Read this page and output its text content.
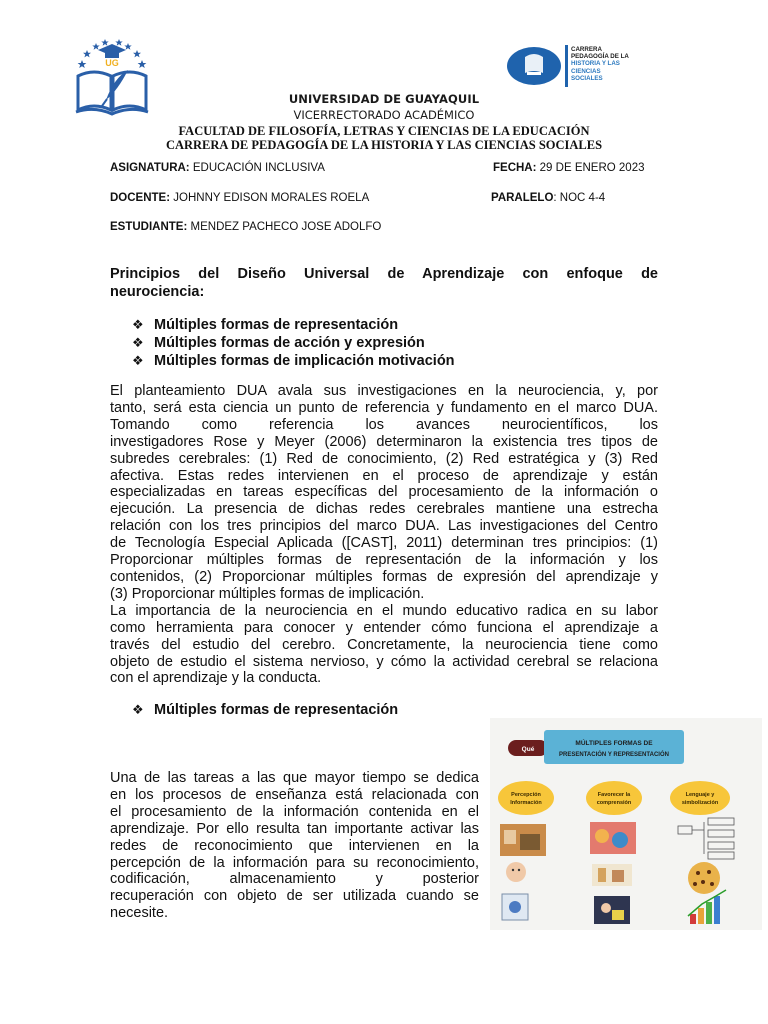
UG
CARRERA
PEDAGOGÍA DE LA
HISTORIA Y LAS CIENCIAS
SOCIALES
UNIVERSIDAD DE GUAYAQUIL
VICERRECTORADO ACADÉMICO
FACULTAD DE FILOSOFÍA, LETRAS Y CIENCIAS DE LA EDUCACIÓN
CARRERA DE PEDAGOGÍA DE LA HISTORIA Y LAS CIENCIAS SOCIALES
ASIGNATURA: EDUCACIÓN INCLUSIVA	FECHA: 29 DE ENERO 2023
DOCENTE: JOHNNY EDISON MORALES ROELA	PARALELO: NOC 4-4
ESTUDIANTE: MENDEZ PACHECO JOSE ADOLFO
Principios del Diseño Universal de Aprendizaje con enfoque de
neurociencia:
❖ Múltiples formas de representación
❖ Múltiples formas de acción y expresión
❖ Múltiples formas de implicación motivación
El planteamiento DUA avala sus investigaciones en la neurociencia, y, por
tanto, será esta ciencia un punto de referencia y fundamento en el marco DUA.
Tomando como referencia los avances neurocientíficos, los
investigadores Rose y Meyer (2006) determinaron la existencia tres tipos de
subredes cerebrales: (1) Red de conocimiento, (2) Red estratégica y (3) Red
afectiva. Estas redes intervienen en el proceso de aprendizaje y están
especializadas en tareas específicas del procesamiento de la información o
ejecución. La presencia de dichas redes cerebrales mantiene una estrecha
relación con los tres principios del marco DUA. Las investigaciones del Centro
de Tecnología Especial Aplicada ([CAST], 2011) determinan tres principios: (1)
Proporcionar múltiples formas de representación de la información y los
contenidos, (2) Proporcionar múltiples formas de expresión del aprendizaje y
(3) Proporcionar múltiples formas de implicación.
La importancia de la neurociencia en el mundo educativo radica en su labor
como herramienta para conocer y entender cómo funciona el aprendizaje a
través del estudio del cerebro. Concretamente, la neurociencia tiene como
objeto de estudio el sistema nervioso, y cómo la actividad cerebral se relaciona
con el aprendizaje y la conducta.
❖ Múltiples formas de representación
Una de las tareas a las que mayor tiempo se dedica
en los procesos de enseñanza está relacionada con
el procesamiento de la información contenida en el
aprendizaje. Por ello resulta tan importante activar las
redes de reconocimiento que intervienen en la
percepción de la información para su reconocimiento,
codificación, almacenamiento y posterior
recuperación con objeto de ser utilizada cuando se
necesite.
Qué
MÚLTIPLES FORMAS DE
PRESENTACIÓN Y REPRESENTACIÓN
Percepción
Información
Favorecer la
comprensión
Lenguaje y
simbolización
